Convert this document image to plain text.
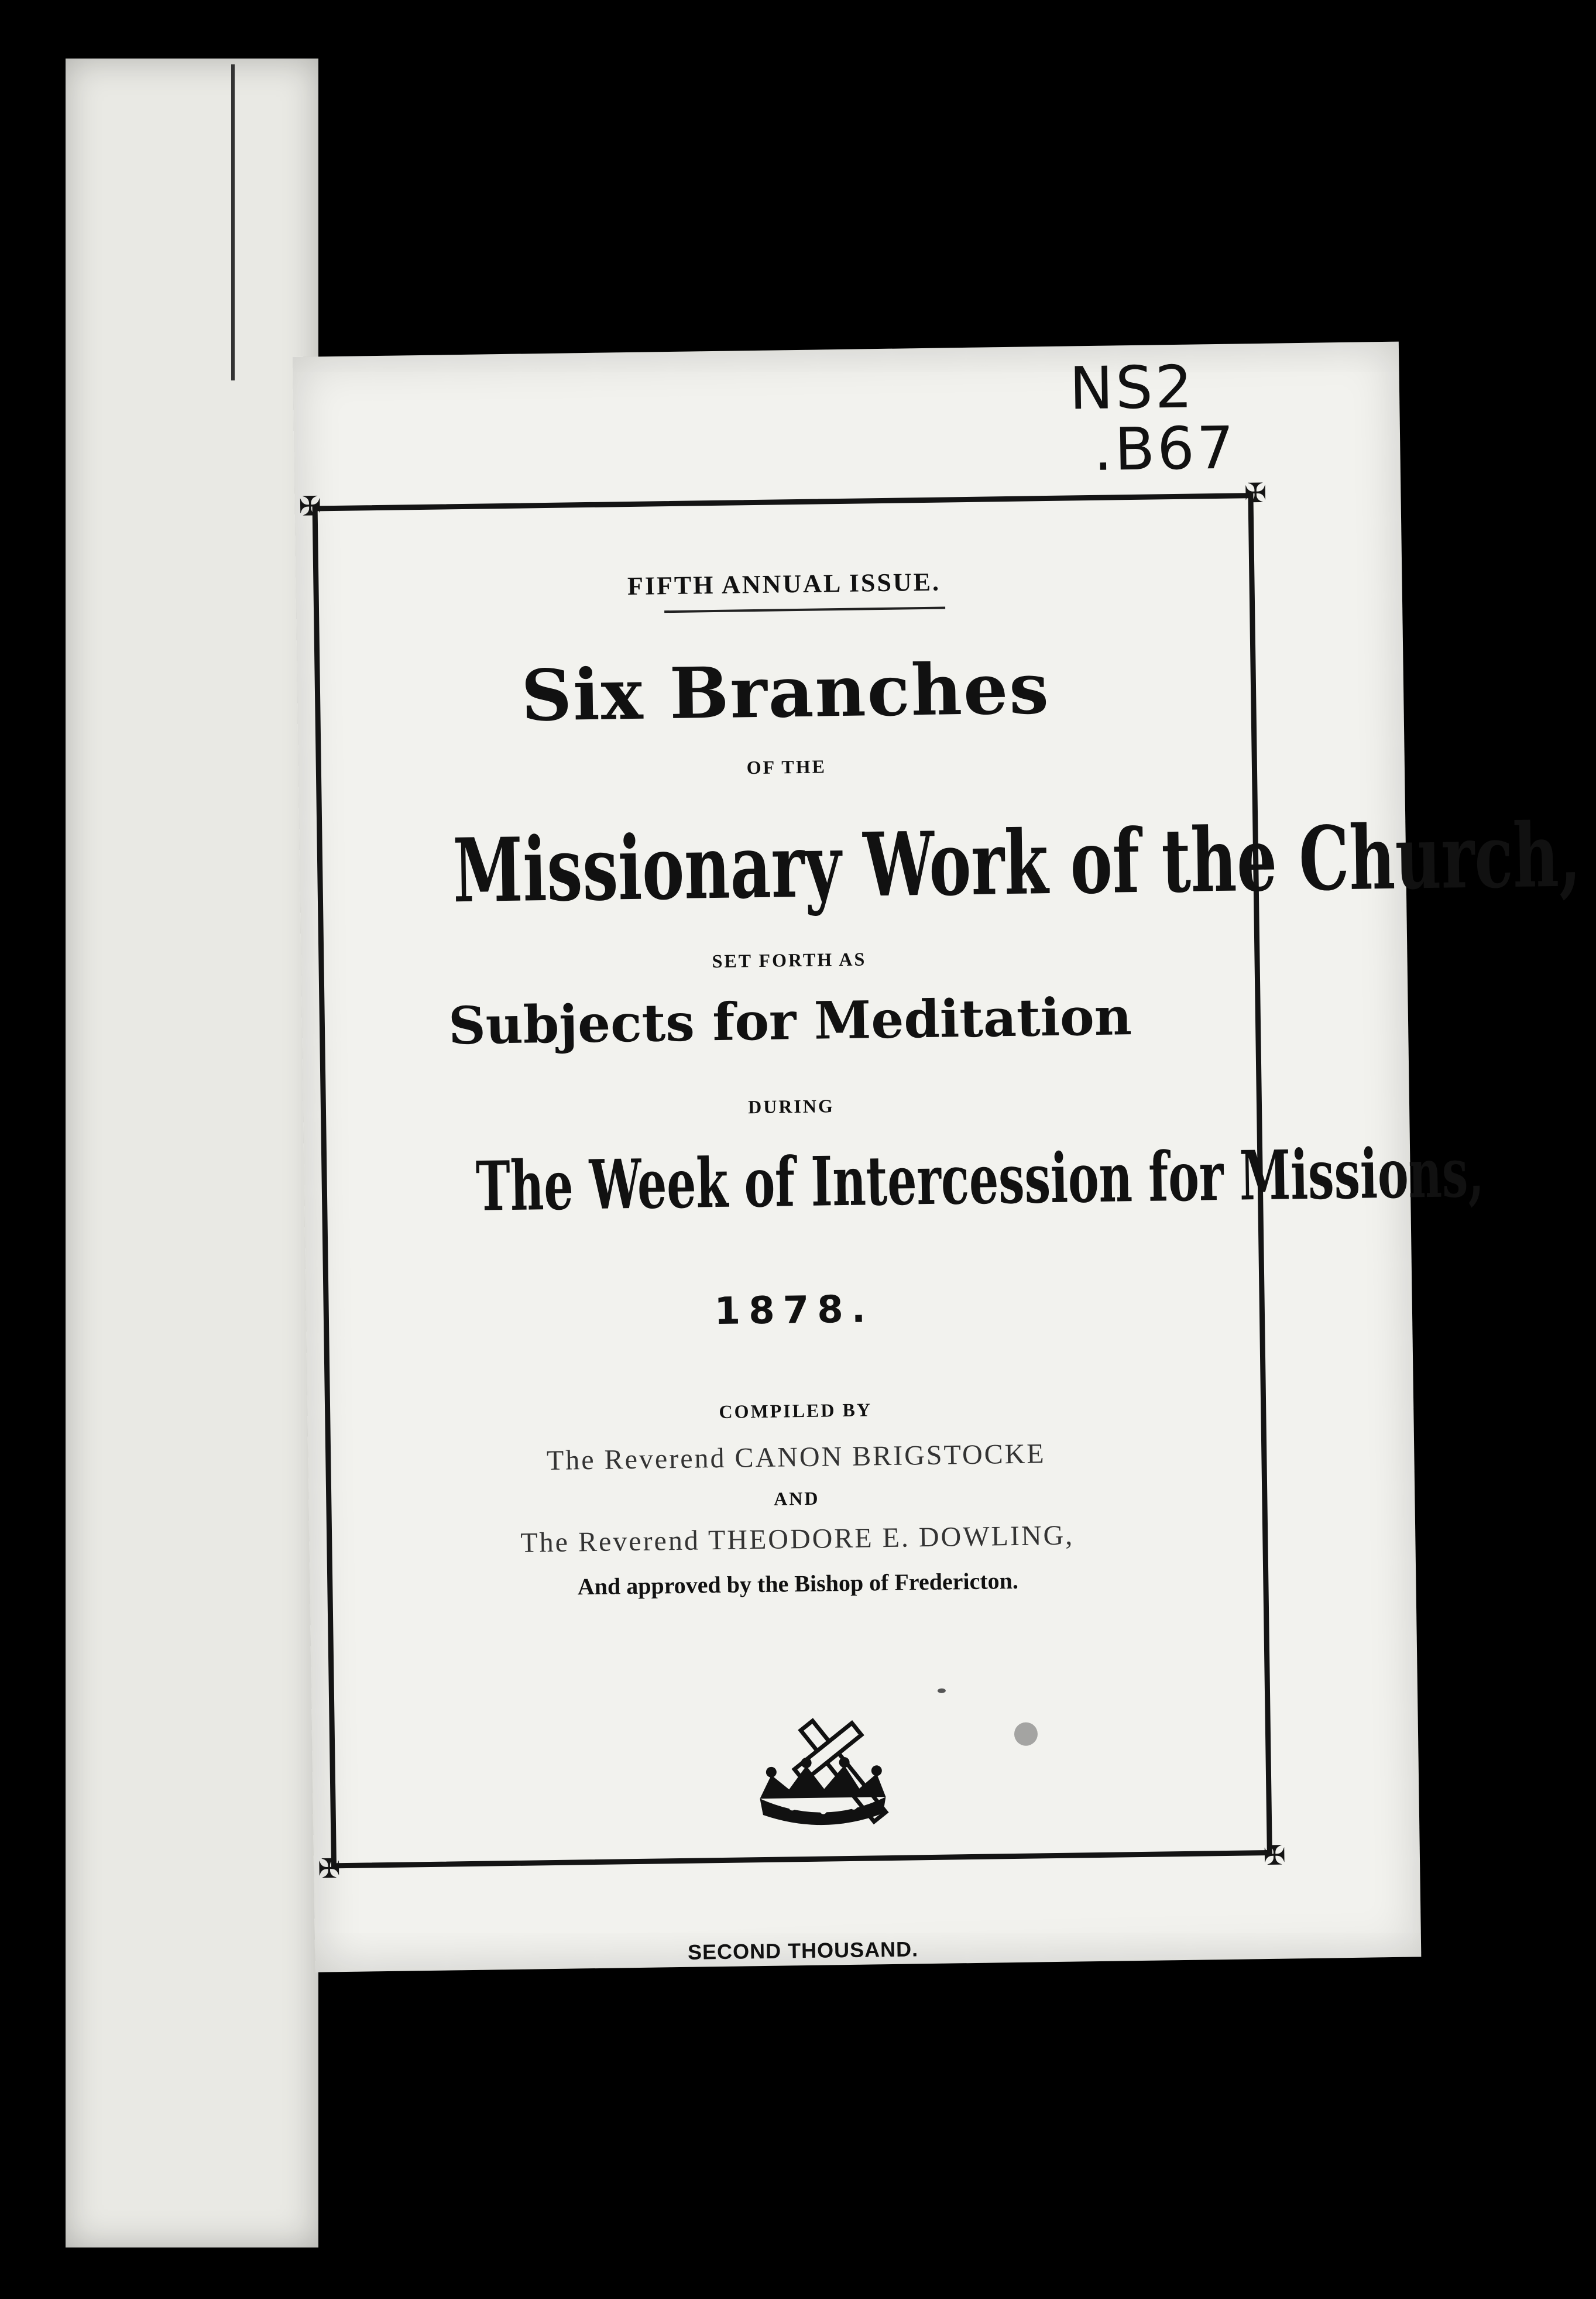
NS2
.B67
✠	✠
✠	✠
FIFTH ANNUAL ISSUE.
Six Branches
OF THE
Missionary Work of the Church,
SET FORTH AS
Subjects for Meditation
DURING
The Week of Intercession for Missions,
1878.
COMPILED BY
The Reverend CANON BRIGSTOCKE
AND
The Reverend THEODORE E. DOWLING,
And approved by the Bishop of Fredericton.
SECOND THOUSAND.
